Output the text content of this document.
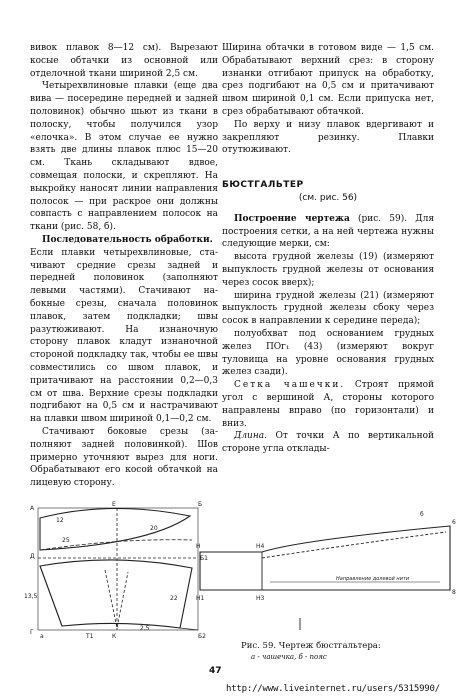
вивок плавок 8—12 см). Вырезают косые обтачки из основной или отделочной ткани шириной 2,5 см.

Четырехвлиновые плавки (еще два вива — посередине передней и задней половинок) обычно шьют из ткани в полоску, чтобы получился узор «елочка». В этом случае ее нужно взять две длины плавок плюс 15—20 см. Ткань складывают вдвое, совмещая полоски, и скрепляют. На выкройку наносят линии направления полосок — при раскрое они должны совпасть с направлением полосок на ткани (рис. 58, б).

Последовательность обработки.

Если плавки четырехвлиновые, стачивают средние срезы задней и передней половинок (заполняют левыми частями). Стачивают набокные срезы, сначала половинок плавок, затем подкладки; швы разутюживают. На изнаночную сторону плавок кладут изнаночной стороной подкладку так, чтобы ее швы совместились со швом плавок, и притачивают на расстоянии 0,2—0,3 см от шва. Верхние срезы подкладки подгибают на 0,5 см и настрачивают на плавки швом шириной 0,1—0,2 см.

Стачивают боковые срезы (заполняют задней половинкой). Шов примерно уточняют вырез для ноги. Обрабатывают его косой обтачкой на лицевую сторону.

Ширина обтачки в готовом виде — 1,5 см. Обрабатывают верхний срез: в сторону изнанки отгибают припуск на обработку, срез подгибают на 0,5 см и притачивают швом шириной 0,1 см. Если припуска нет, срез обрабатывают обтачкой.

По верху и низу плавок вдергивают и закрепляют резинку. Плавки отутюживают.

БЮСТГАЛЬТЕР

(см. рис. 56)

Построение чертежа (рис. 59). Для построения сетки, а на ней чертежа нужны следующие мерки, см:

высота грудной железы (19) (измеряют выпуклость грудной железы от основания через сосок вверх);

ширина грудной железы (21) (измеряют выпуклость грудной железы сбоку через сосок в направлении к середине переда);

полуобхват под основанием грудных желез ПОг₁ (43) (измеряют вокруг туловища на уровне основания грудных желез сзади).

Сетка чашечки. Строят прямой угол с вершиной А, стороны которого направлены вправо (по горизонтали) и вниз.

Длина. От точки А по вертикальной стороне угла отклады-

А
Д
Г
Б
Б1
Б2
Е
К
12
20
25
13,5	22
2,5
Т1
а
Н
Н1
Н4
Н3
6
8
б
Направление долевой нити
Рис. 59. Чертеж бюстгальтера:
а - чашечка, б - пояс
47
http://www.liveinternet.ru/users/5315990/
